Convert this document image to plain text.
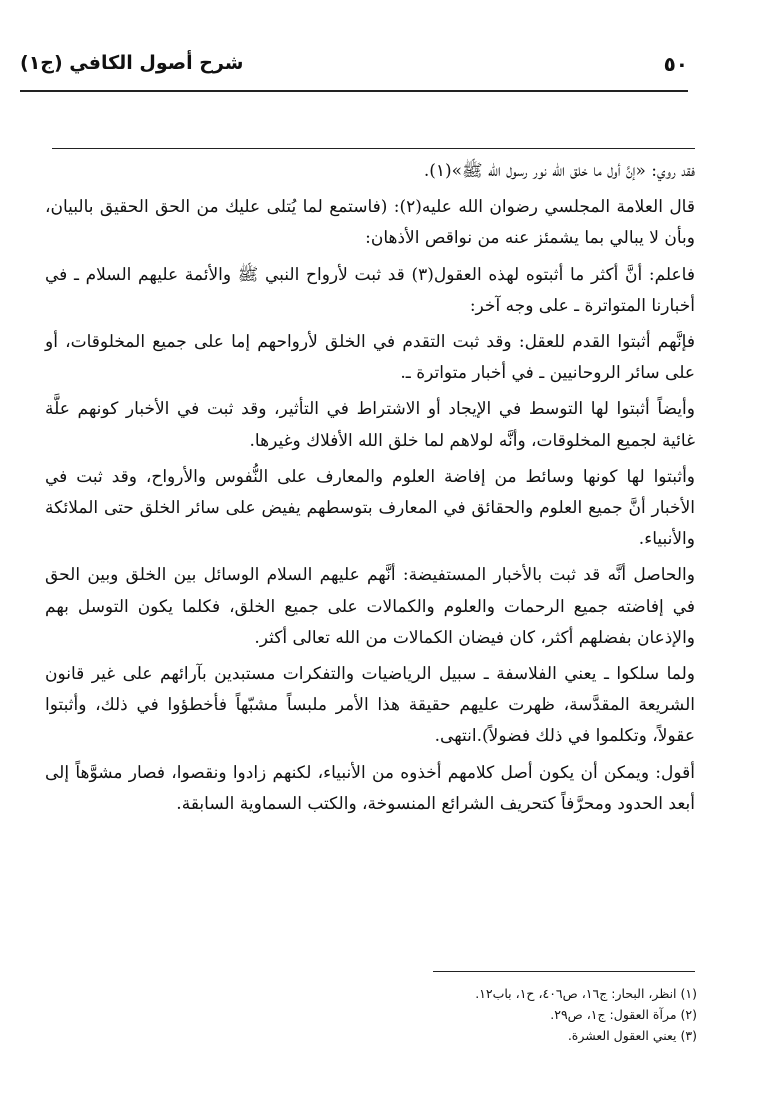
٥٠
شرح أصول الكافي (ج١)

فقد روي: «إنَّ أول ما خلق الله نور رسول الله ﷺ»(١).

قال العلامة المجلسي رضوان الله عليه(٢): (فاستمع لما يُتلى عليك من الحق الحقيق بالبيان، وبأن لا يبالي بما يشمئز عنه من نواقص الأذهان:

فاعلم: أنَّ أكثر ما أثبتوه لهذه العقول(٣) قد ثبت لأرواح النبي ﷺ والأئمة عليهم السلام ـ في أخبارنا المتواترة ـ على وجه آخر:

فإنَّهم أثبتوا القدم للعقل: وقد ثبت التقدم في الخلق لأرواحهم إما على جميع المخلوقات، أو على سائر الروحانيين ـ في أخبار متواترة ـ.

وأيضاً أثبتوا لها التوسط في الإيجاد أو الاشتراط في التأثير، وقد ثبت في الأخبار كونهم علَّة غائية لجميع المخلوقات، وأنَّه لولاهم لما خلق الله الأفلاك وغيرها.

وأثبتوا لها كونها وسائط من إفاضة العلوم والمعارف على النُّفوس والأرواح، وقد ثبت في الأخبار أنَّ جميع العلوم والحقائق في المعارف بتوسطهم يفيض على سائر الخلق حتى الملائكة والأنبياء.

والحاصل أنَّه قد ثبت بالأخبار المستفيضة: أنَّهم عليهم السلام الوسائل بين الخلق وبين الحق في إفاضته جميع الرحمات والعلوم والكمالات على جميع الخلق، فكلما يكون التوسل بهم والإذعان بفضلهم أكثر، كان فيضان الكمالات من الله تعالى أكثر.

ولما سلكوا ـ يعني الفلاسفة ـ سبيل الرياضيات والتفكرات مستبدين بآرائهم على غير قانون الشريعة المقدَّسة، ظهرت عليهم حقيقة هذا الأمر ملبساً مشبّهاً فأخطؤوا في ذلك، وأثبتوا عقولاً، وتكلموا في ذلك فضولاً).انتهى.

أقول: ويمكن أن يكون أصل كلامهم أخذوه من الأنبياء، لكنهم زادوا ونقصوا، فصار مشوَّهاً إلى أبعد الحدود ومحرَّفاً كتحريف الشرائع المنسوخة، والكتب السماوية السابقة.

(١) انظر، البحار: ج١٦، ص٤٠٦، ح١، باب١٢.

(٢) مرآة العقول: ج١، ص٢٩.

(٣) يعني العقول العشرة.
